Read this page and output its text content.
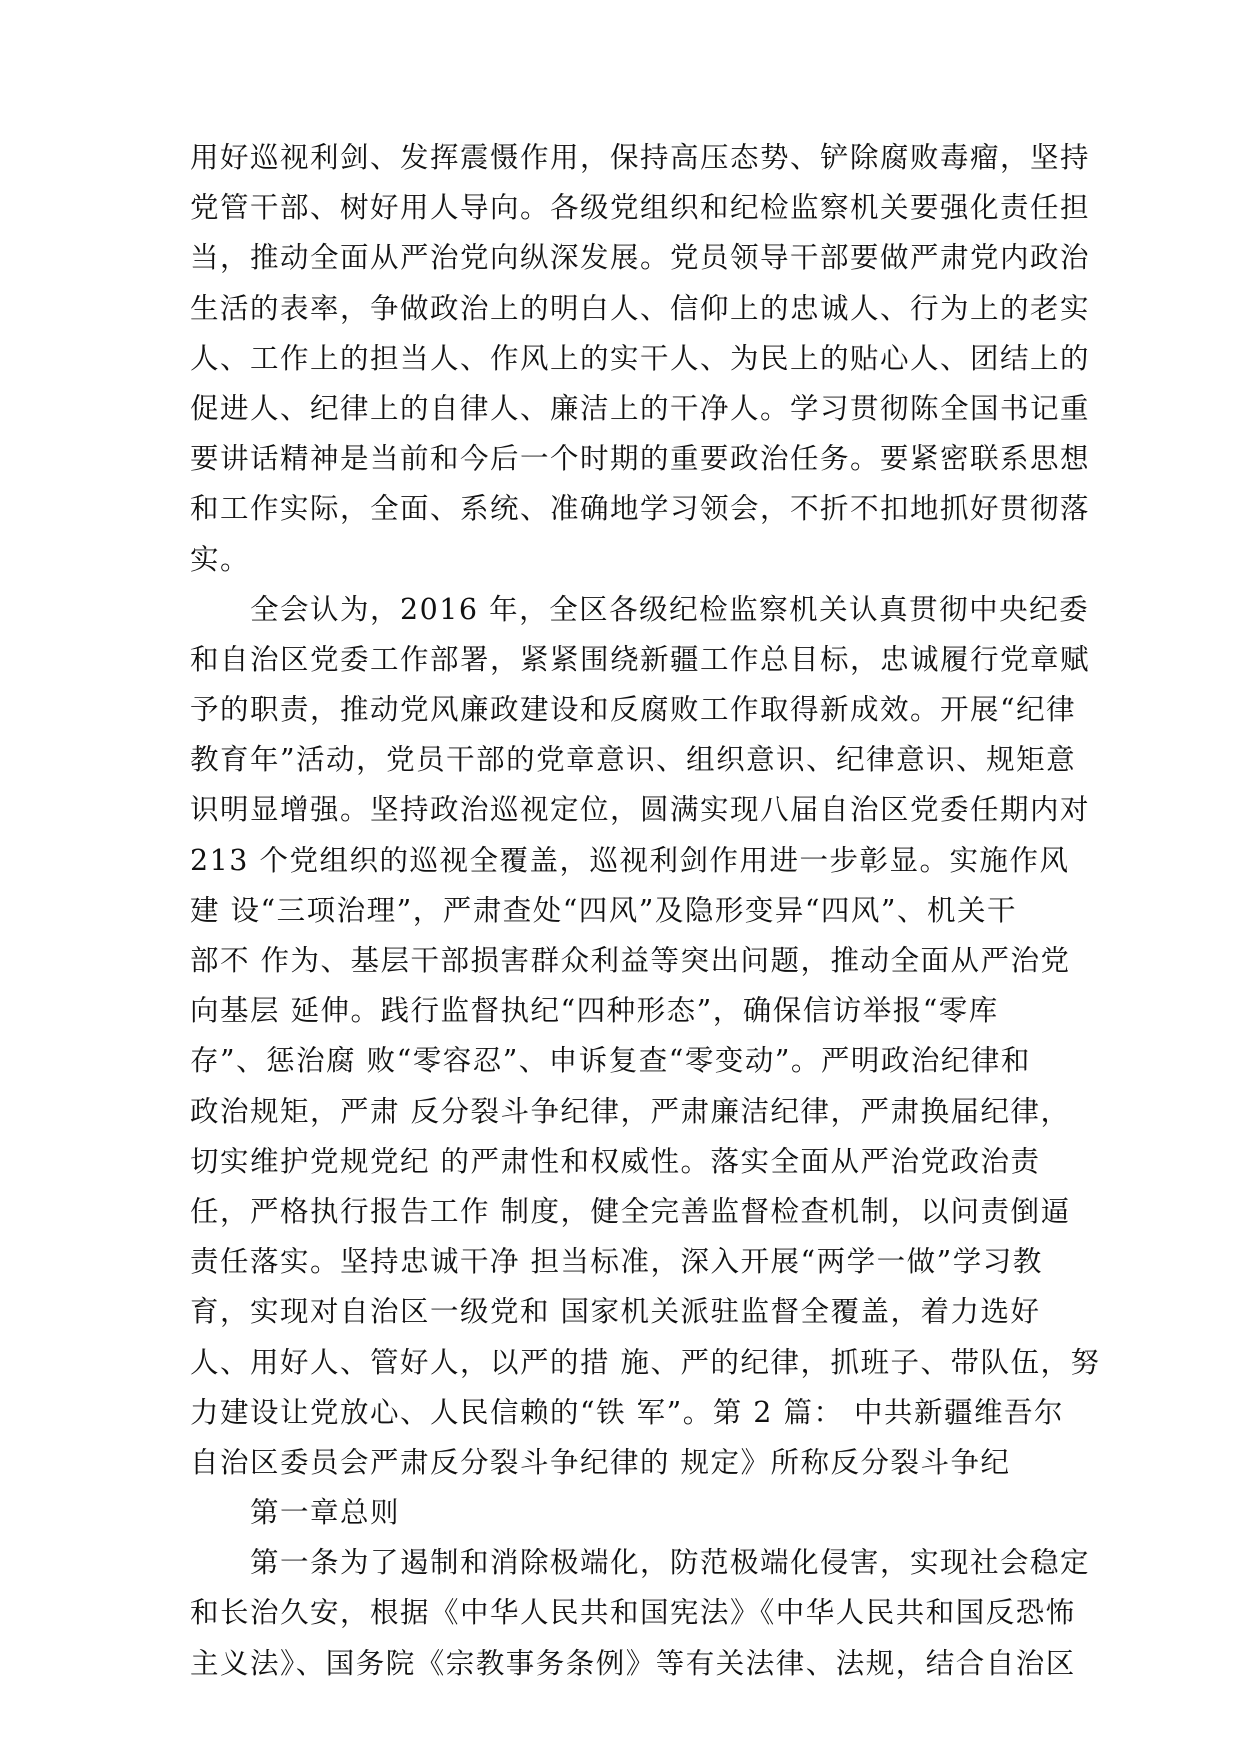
用好巡视利剑、发挥震慑作用，保持高压态势、铲除腐败毒瘤，坚持
党管干部、树好用人导向。各级党组织和纪检监察机关要强化责任担
当，推动全面从严治党向纵深发展。党员领导干部要做严肃党内政治
生活的表率，争做政治上的明白人、信仰上的忠诚人、行为上的老实
人、工作上的担当人、作风上的实干人、为民上的贴心人、团结上的
促进人、纪律上的自律人、廉洁上的干净人。学习贯彻陈全国书记重
要讲话精神是当前和今后一个时期的重要政治任务。要紧密联系思想
和工作实际，全面、系统、准确地学习领会，不折不扣地抓好贯彻落
实。
全会认为，2016 年，全区各级纪检监察机关认真贯彻中央纪委
和自治区党委工作部署，紧紧围绕新疆工作总目标，忠诚履行党章赋
予的职责，推动党风廉政建设和反腐败工作取得新成效。开展“纪律
教育年”活动，党员干部的党章意识、组织意识、纪律意识、规矩意
识明显增强。坚持政治巡视定位，圆满实现八届自治区党委任期内对
213 个党组织的巡视全覆盖，巡视利剑作用进一步彰显。实施作风
建 设“三项治理”，严肃查处“四风”及隐形变异“四风”、机关干
部不 作为、基层干部损害群众利益等突出问题，推动全面从严治党
向基层 延伸。践行监督执纪“四种形态”，确保信访举报“零库
存”、惩治腐 败“零容忍”、申诉复查“零变动”。严明政治纪律和
政治规矩，严肃 反分裂斗争纪律，严肃廉洁纪律，严肃换届纪律，
切实维护党规党纪 的严肃性和权威性。落实全面从严治党政治责
任，严格执行报告工作 制度，健全完善监督检查机制，以问责倒逼
责任落实。坚持忠诚干净 担当标准，深入开展“两学一做”学习教
育，实现对自治区一级党和 国家机关派驻监督全覆盖，着力选好
人、用好人、管好人，以严的措 施、严的纪律，抓班子、带队伍，努
力建设让党放心、人民信赖的“铁 军”。第 2 篇： 中共新疆维吾尔
自治区委员会严肃反分裂斗争纪律的 规定》所称反分裂斗争纪
第一章总则
第一条为了遏制和消除极端化，防范极端化侵害，实现社会稳定
和长治久安，根据《中华人民共和国宪法》《中华人民共和国反恐怖
主义法》、国务院《宗教事务条例》等有关法律、法规，结合自治区
